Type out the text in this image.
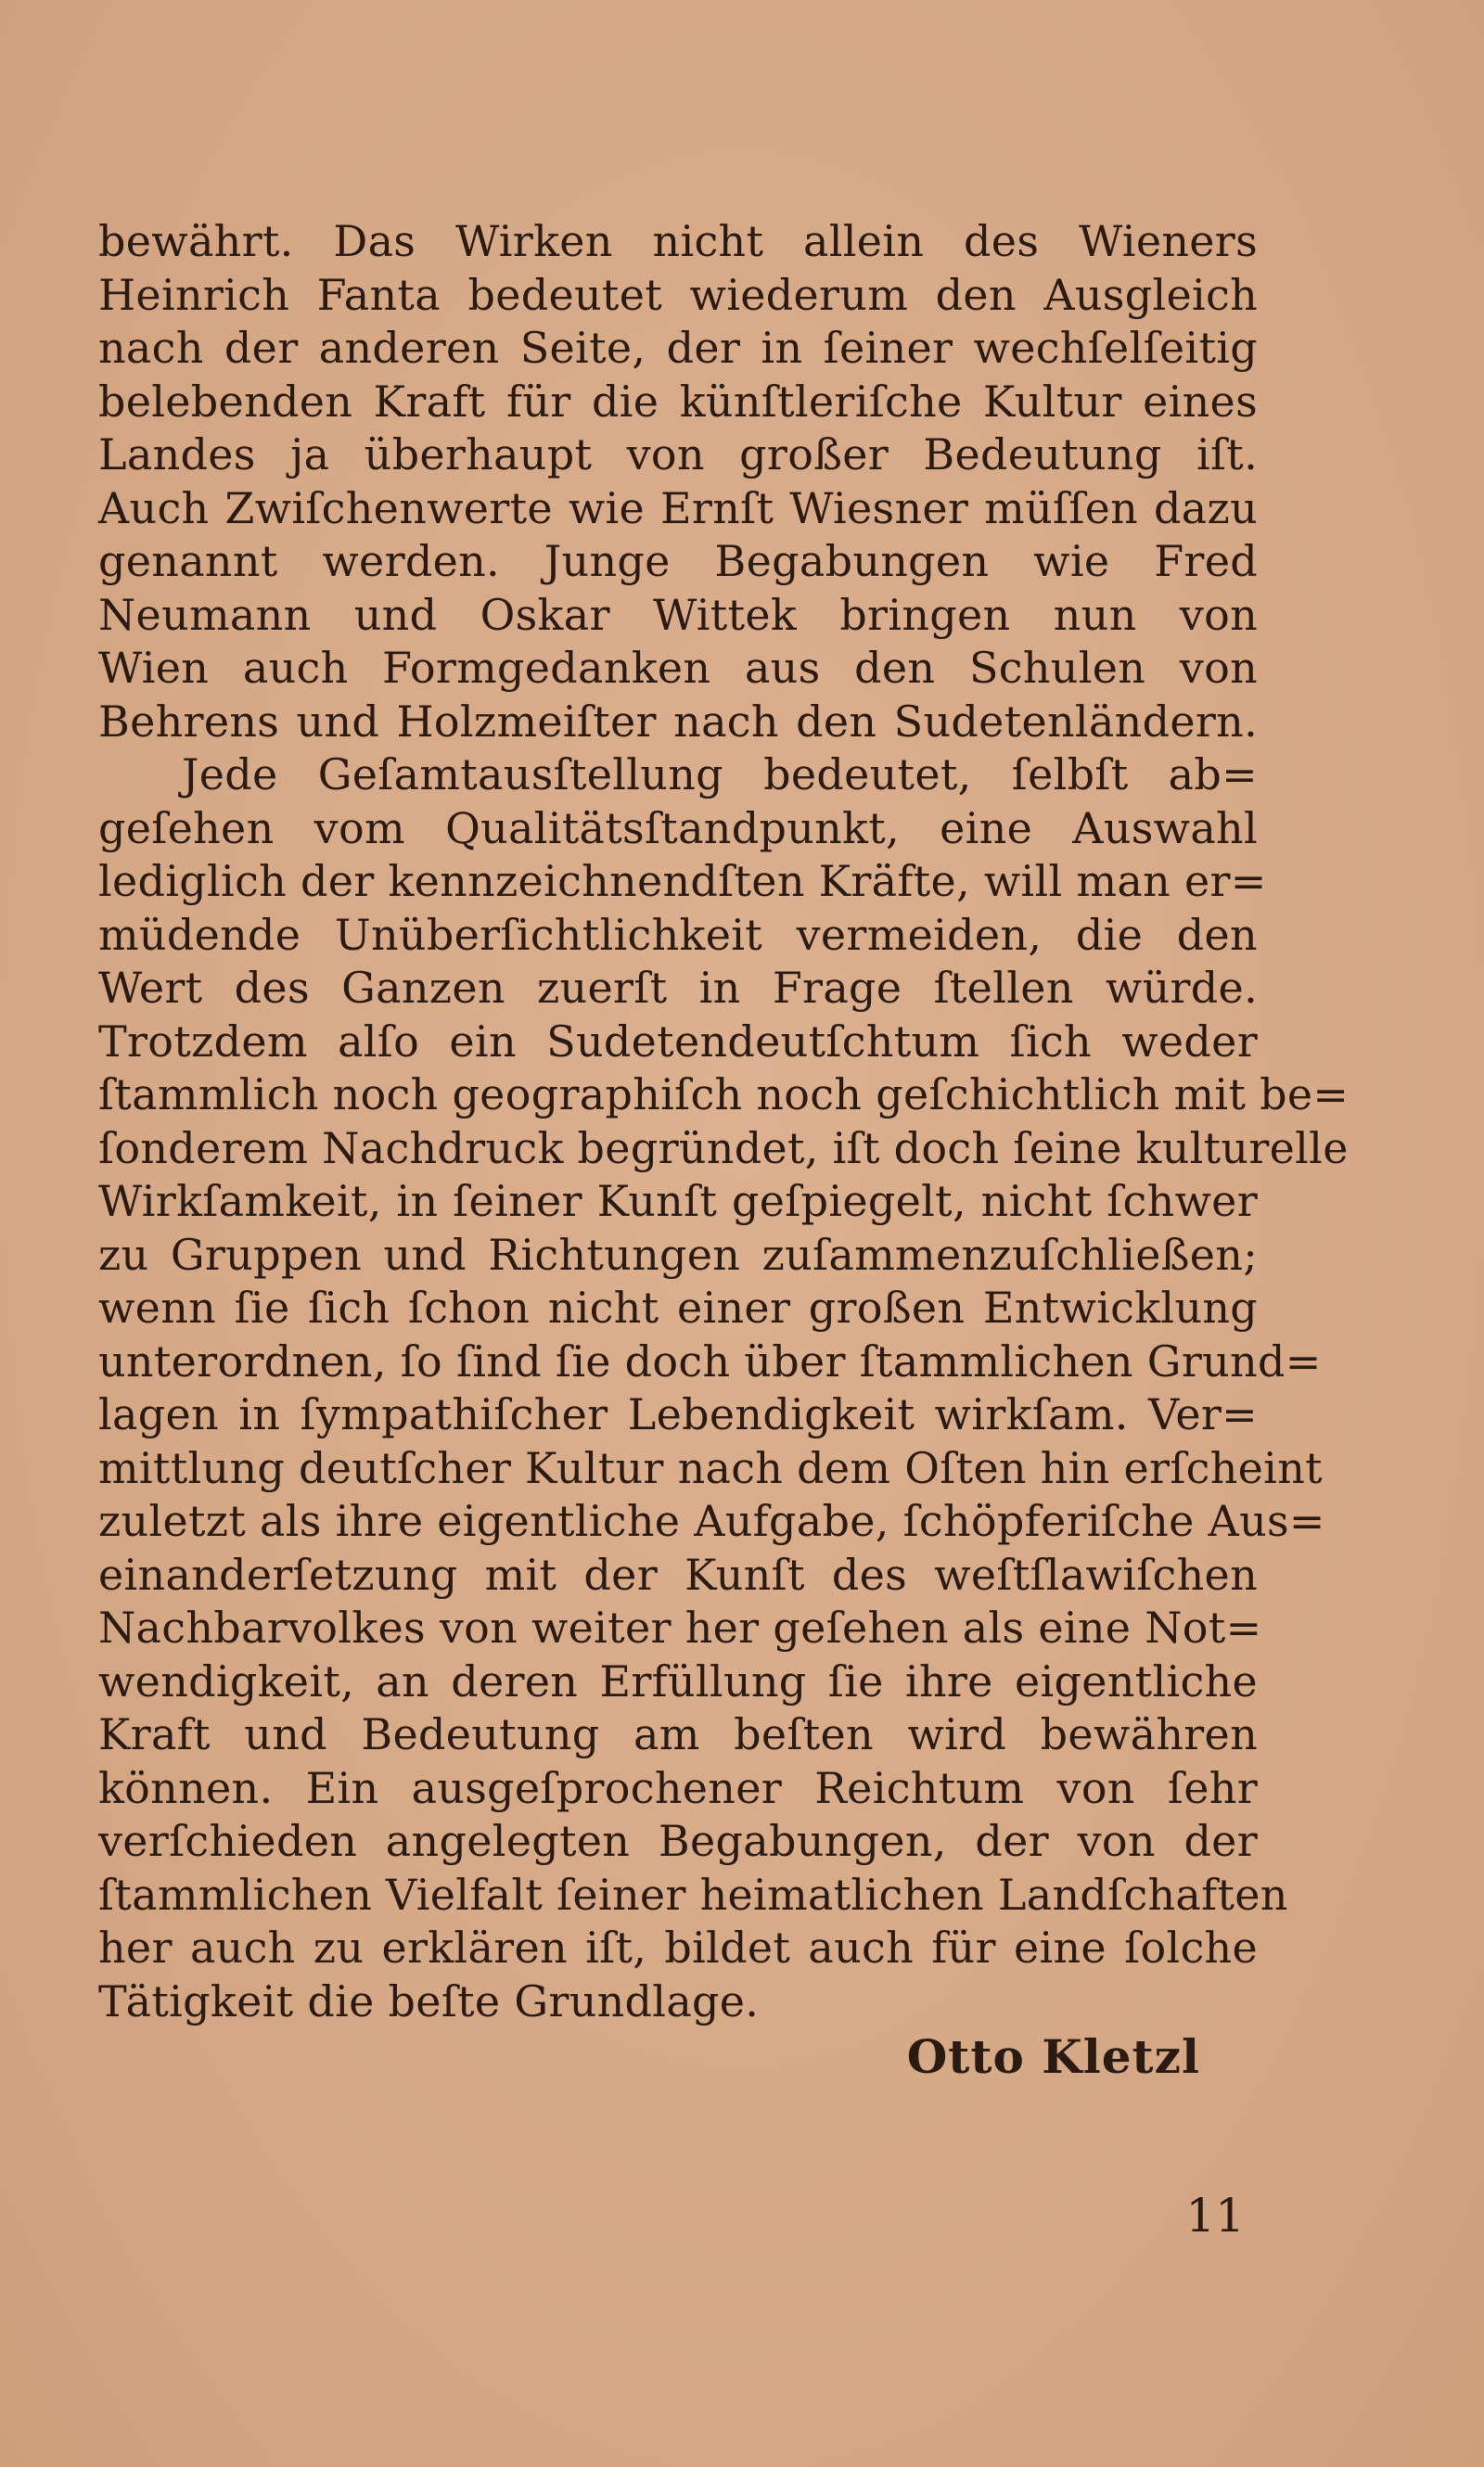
bewährt. Das Wirken nicht allein des Wieners
Heinrich Fanta bedeutet wiederum den Ausgleich
nach der anderen Seite, der in ſeiner wechſelſeitig
belebenden Kraft für die künſtleriſche Kultur eines
Landes ja überhaupt von großer Bedeutung iſt.
Auch Zwiſchenwerte wie Ernſt Wiesner müſſen dazu
genannt werden. Junge Begabungen wie Fred
Neumann und Oskar Wittek bringen nun von
Wien auch Formgedanken aus den Schulen von
Behrens und Holzmeiſter nach den Sudetenländern.
Jede Geſamtausſtellung bedeutet, ſelbſt ab=
geſehen vom Qualitätsſtandpunkt, eine Auswahl
lediglich der kennzeichnendſten Kräfte, will man er=
müdende Unüberſichtlichkeit vermeiden, die den
Wert des Ganzen zuerſt in Frage ſtellen würde.
Trotzdem alſo ein Sudetendeutſchtum ſich weder
ſtammlich noch geographiſch noch geſchichtlich mit be=
ſonderem Nachdruck begründet, iſt doch ſeine kulturelle
Wirkſamkeit, in ſeiner Kunſt geſpiegelt, nicht ſchwer
zu Gruppen und Richtungen zuſammenzuſchließen;
wenn ſie ſich ſchon nicht einer großen Entwicklung
unterordnen, ſo ſind ſie doch über ſtammlichen Grund=
lagen in ſympathiſcher Lebendigkeit wirkſam. Ver=
mittlung deutſcher Kultur nach dem Oſten hin erſcheint
zuletzt als ihre eigentliche Aufgabe, ſchöpferiſche Aus=
einanderſetzung mit der Kunſt des weſtſlawiſchen
Nachbarvolkes von weiter her geſehen als eine Not=
wendigkeit, an deren Erfüllung ſie ihre eigentliche
Kraft und Bedeutung am beſten wird bewähren
können. Ein ausgeſprochener Reichtum von ſehr
verſchieden angelegten Begabungen, der von der
ſtammlichen Vielfalt ſeiner heimatlichen Landſchaften
her auch zu erklären iſt, bildet auch für eine ſolche
Tätigkeit die beſte Grundlage.
Otto Kletzl
11
